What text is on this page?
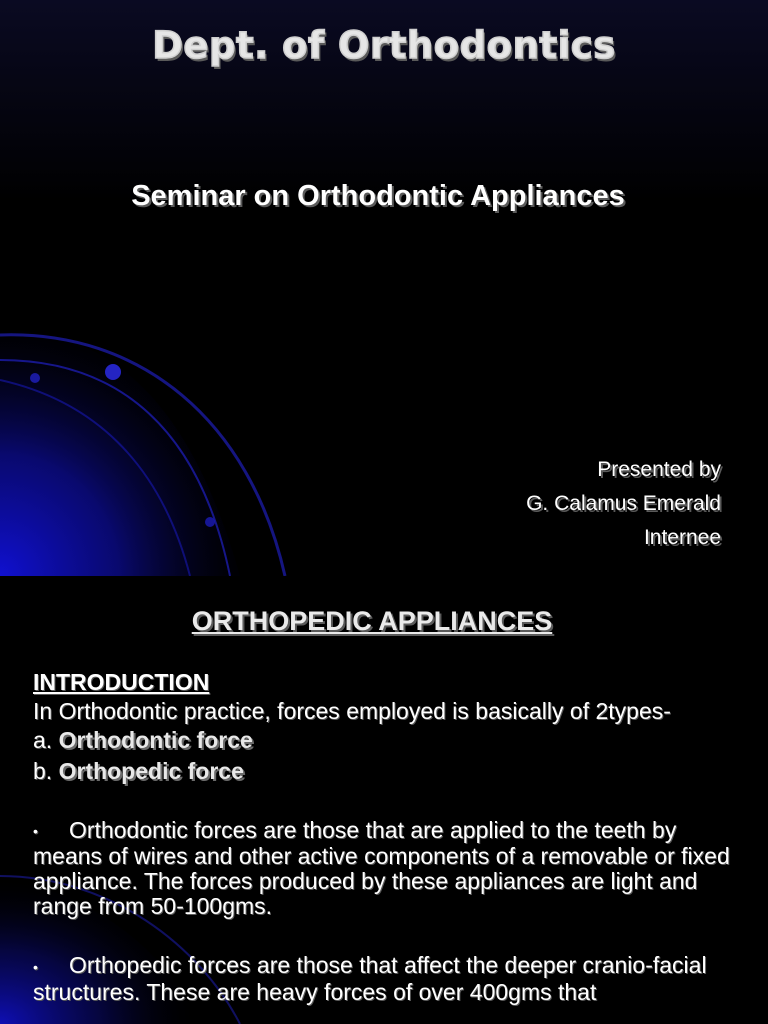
Dept. of Orthodontics
Seminar on Orthodontic Appliances
Presented by
G. Calamus Emerald
Internee
ORTHOPEDIC APPLIANCES
INTRODUCTION
In Orthodontic practice, forces employed is basically of 2types-
a. Orthodontic force
b. Orthopedic force
• Orthodontic forces are those that are applied to the teeth by means of wires and other active components of a removable or fixed appliance. The forces produced by these appliances are light and range from 50-100gms.
• Orthopedic forces are those that affect the deeper cranio-facial structures. These are heavy forces of over 400gms that
